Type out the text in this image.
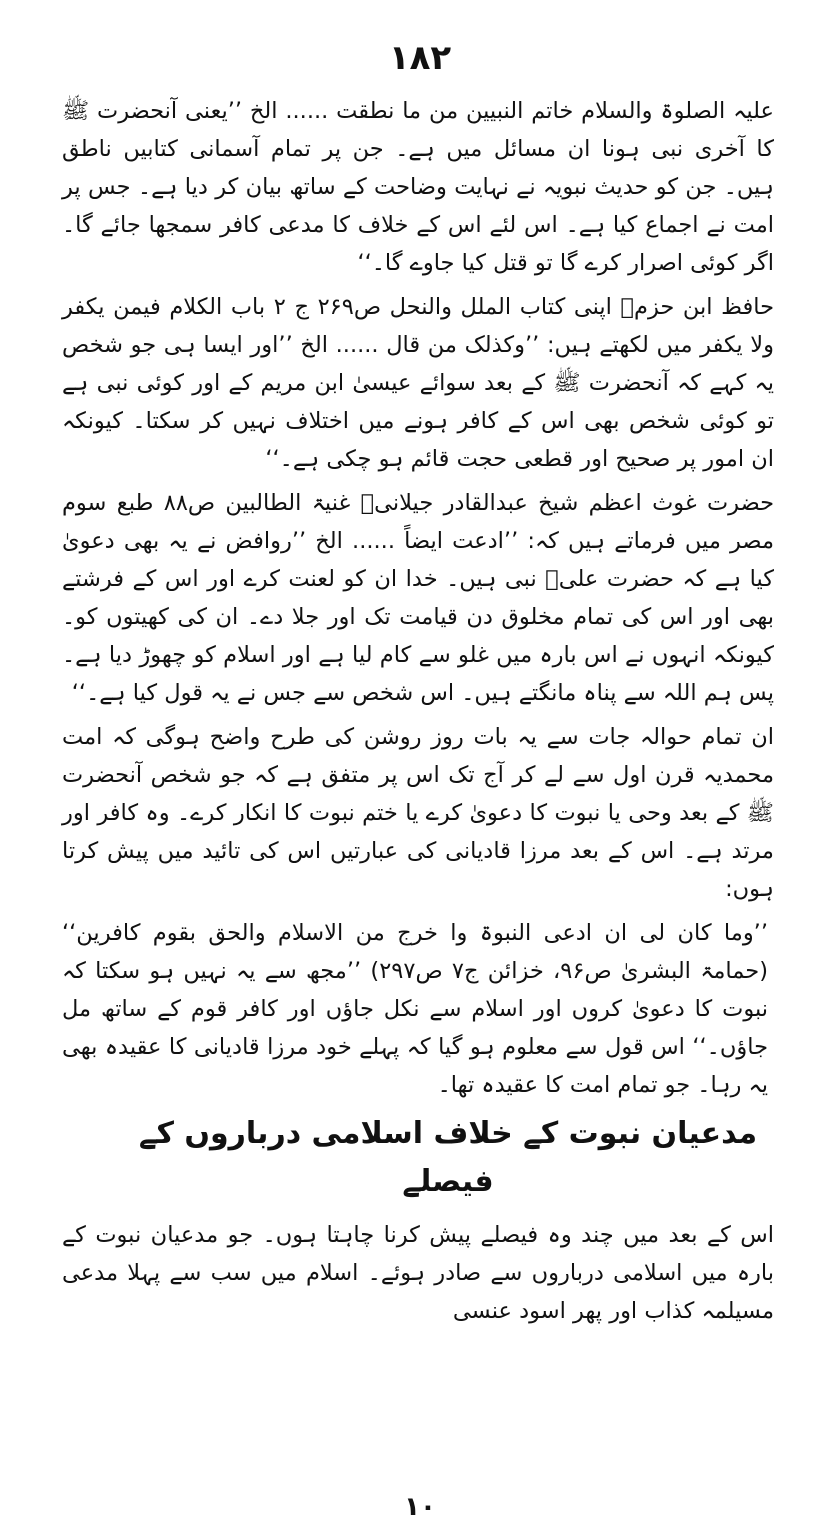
۱۸۲

علیہ الصلوۃ والسلام خاتم النبیین من ما نطقت ...... الخ ’’یعنی آنحضرت ﷺ کا آخری نبی ہونا ان مسائل میں ہے۔ جن پر تمام آسمانی کتابیں ناطق ہیں۔ جن کو حدیث نبویہ نے نہایت وضاحت کے ساتھ بیان کر دیا ہے۔ جس پر امت نے اجماع کیا ہے۔ اس لئے اس کے خلاف کا مدعی کافر سمجھا جائے گا۔ اگر کوئی اصرار کرے گا تو قتل کیا جاوے گا۔‘‘

حافظ ابن حزمؒ اپنی کتاب الملل والنحل ص۲۶۹ ج ۲ باب الکلام فیمن یکفر ولا یکفر میں لکھتے ہیں: ’’وکذلک من قال ...... الخ ’’اور ایسا ہی جو شخص یہ کہے کہ آنحضرت ﷺ کے بعد سوائے عیسیٰ ابن مریم کے اور کوئی نبی ہے تو کوئی شخص بھی اس کے کافر ہونے میں اختلاف نہیں کر سکتا۔ کیونکہ ان امور پر صحیح اور قطعی حجت قائم ہو چکی ہے۔‘‘

حضرت غوث اعظم شیخ عبدالقادر جیلانیؒ غنیۃ الطالبین ص۸۸ طبع سوم مصر میں فرماتے ہیں کہ: ’’ادعت ایضاً ...... الخ ’’روافض نے یہ بھی دعویٰ کیا ہے کہ حضرت علیؓ نبی ہیں۔ خدا ان کو لعنت کرے اور اس کے فرشتے بھی اور اس کی تمام مخلوق دن قیامت تک اور جلا دے۔ ان کی کھیتوں کو۔ کیونکہ انہوں نے اس بارہ میں غلو سے کام لیا ہے اور اسلام کو چھوڑ دیا ہے۔ پس ہم اللہ سے پناہ مانگتے ہیں۔ اس شخص سے جس نے یہ قول کیا ہے۔‘‘

ان تمام حوالہ جات سے یہ بات روز روشن کی طرح واضح ہوگی کہ امت محمدیہ قرن اول سے لے کر آج تک اس پر متفق ہے کہ جو شخص آنحضرت ﷺ کے بعد وحی یا نبوت کا دعویٰ کرے یا ختم نبوت کا انکار کرے۔ وہ کافر اور مرتد ہے۔ اس کے بعد مرزا قادیانی کی عبارتیں اس کی تائید میں پیش کرتا ہوں:

’’وما کان لی ان ادعی النبوۃ وا خرج من الاسلام والحق بقوم کافرین‘‘ (حمامۃ البشریٰ ص۹۶، خزائن ج۷ ص۲۹۷) ’’مجھ سے یہ نہیں ہو سکتا کہ نبوت کا دعویٰ کروں اور اسلام سے نکل جاؤں اور کافر قوم کے ساتھ مل جاؤں۔‘‘ اس قول سے معلوم ہو گیا کہ پہلے خود مرزا قادیانی کا عقیدہ بھی یہ رہا۔ جو تمام امت کا عقیدہ تھا۔

مدعیان نبوت کے خلاف اسلامی درباروں کے فیصلے

اس کے بعد میں چند وہ فیصلے پیش کرنا چاہتا ہوں۔ جو مدعیان نبوت کے بارہ میں اسلامی درباروں سے صادر ہوئے۔ اسلام میں سب سے پہلا مدعی مسیلمہ کذاب اور پھر اسود عنسی

۱۰
